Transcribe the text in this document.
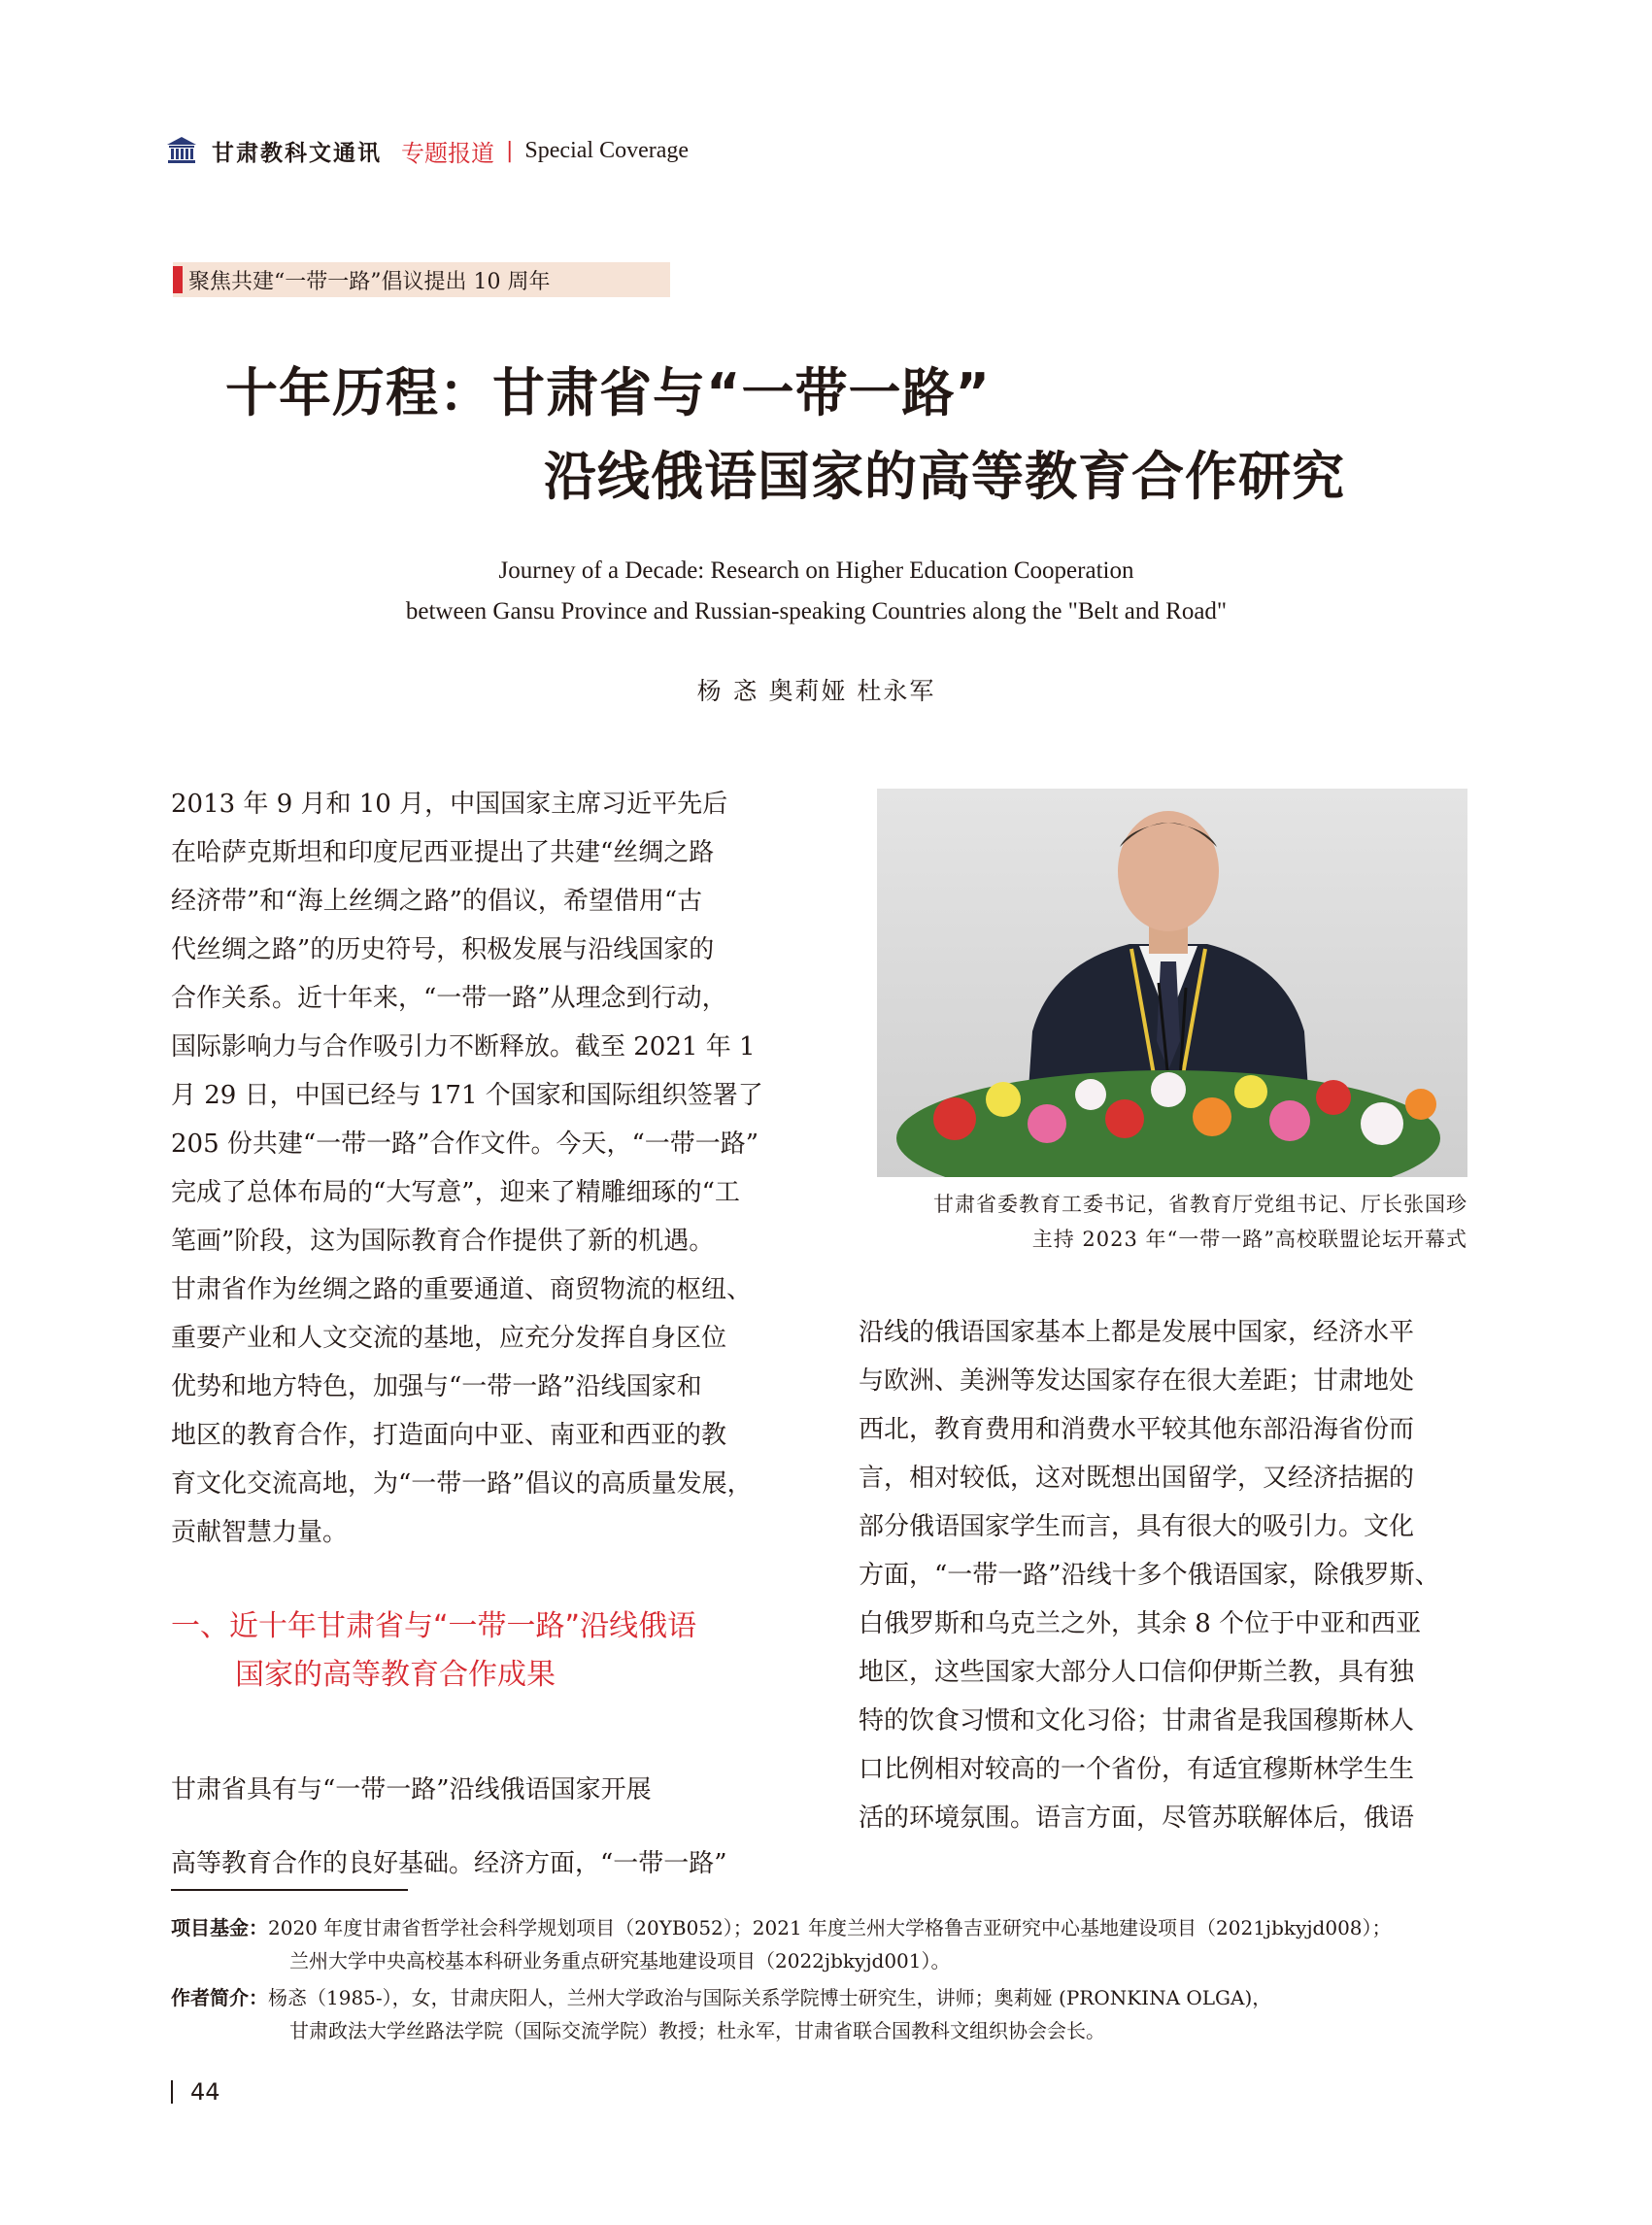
甘肃教科文通讯 专题报道 | Special Coverage
聚焦共建“一带一路”倡议提出 10 周年
十年历程：甘肃省与“一带一路”
沿线俄语国家的高等教育合作研究
Journey of a Decade: Research on Higher Education Cooperation
between Gansu Province and Russian-speaking Countries along the "Belt and Road"
杨 忞 奥莉娅 杜永军

2013 年 9 月和 10 月，中国国家主席习近平先后

在哈萨克斯坦和印度尼西亚提出了共建“丝绸之路

经济带”和“海上丝绸之路”的倡议，希望借用“古

代丝绸之路”的历史符号，积极发展与沿线国家的

合作关系。近十年来，“一带一路”从理念到行动，

国际影响力与合作吸引力不断释放。截至 2021 年 1

月 29 日，中国已经与 171 个国家和国际组织签署了

205 份共建“一带一路”合作文件。今天，“一带一路”

完成了总体布局的“大写意”，迎来了精雕细琢的“工

笔画”阶段，这为国际教育合作提供了新的机遇。

甘肃省作为丝绸之路的重要通道、商贸物流的枢纽、

重要产业和人文交流的基地，应充分发挥自身区位

优势和地方特色，加强与“一带一路”沿线国家和

地区的教育合作，打造面向中亚、南亚和西亚的教

育文化交流高地，为“一带一路”倡议的高质量发展，

贡献智慧力量。

一、近十年甘肃省与“一带一路”沿线俄语
国家的高等教育合作成果

甘肃省具有与“一带一路”沿线俄语国家开展

高等教育合作的良好基础。经济方面，“一带一路”

甘肃省委教育工委书记，省教育厅党组书记、厅长张国珍
主持 2023 年“一带一路”高校联盟论坛开幕式

沿线的俄语国家基本上都是发展中国家，经济水平

与欧洲、美洲等发达国家存在很大差距；甘肃地处

西北，教育费用和消费水平较其他东部沿海省份而

言，相对较低，这对既想出国留学，又经济拮据的

部分俄语国家学生而言，具有很大的吸引力。文化

方面，“一带一路”沿线十多个俄语国家，除俄罗斯、

白俄罗斯和乌克兰之外，其余 8 个位于中亚和西亚

地区，这些国家大部分人口信仰伊斯兰教，具有独

特的饮食习惯和文化习俗；甘肃省是我国穆斯林人

口比例相对较高的一个省份，有适宜穆斯林学生生

活的环境氛围。语言方面，尽管苏联解体后，俄语

项目基金：2020 年度甘肃省哲学社会科学规划项目（20YB052）；2021 年度兰州大学格鲁吉亚研究中心基地建设项目（2021jbkyjd008）；
兰州大学中央高校基本科研业务重点研究基地建设项目（2022jbkyjd001）。
作者简介：杨忞（1985-），女，甘肃庆阳人，兰州大学政治与国际关系学院博士研究生，讲师；奥莉娅 (PRONKINA OLGA)，
甘肃政法大学丝路法学院（国际交流学院）教授；杜永军，甘肃省联合国教科文组织协会会长。
44
